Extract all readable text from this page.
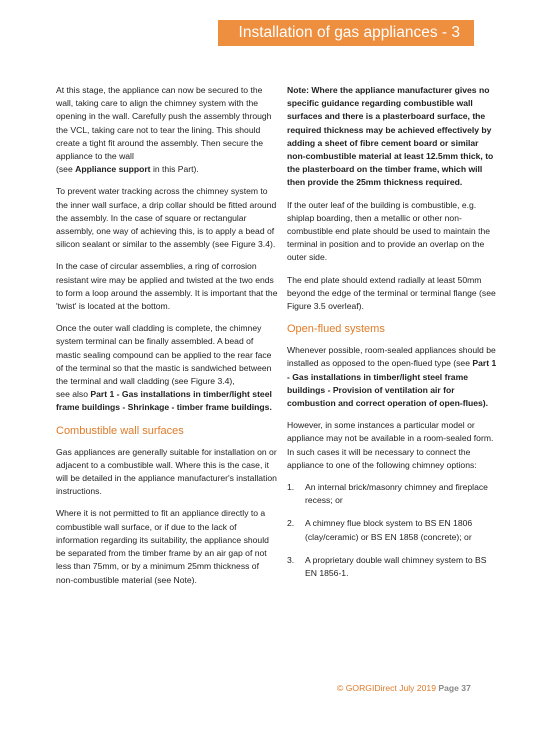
Installation of gas appliances - 3

At this stage, the appliance can now be secured to the wall, taking care to align the chimney system with the opening in the wall. Carefully push the assembly through the VCL, taking care not to tear the lining. This should create a tight fit around the assembly. Then secure the appliance to the wall
(see Appliance support in this Part).

To prevent water tracking across the chimney system to the inner wall surface, a drip collar should be fitted around the assembly. In the case of square or rectangular assembly, one way of achieving this, is to apply a bead of silicon sealant or similar to the assembly (see Figure 3.4).

In the case of circular assemblies, a ring of corrosion resistant wire may be applied and twisted at the two ends to form a loop around the assembly. It is important that the 'twist' is located at the bottom.

Once the outer wall cladding is complete, the chimney system terminal can be finally assembled. A bead of mastic sealing compound can be applied to the rear face of the terminal so that the mastic is sandwiched between the terminal and wall cladding (see Figure 3.4),
see also Part 1 - Gas installations in timber/light steel frame buildings - Shrinkage - timber frame buildings.

Combustible wall surfaces

Gas appliances are generally suitable for installation on or adjacent to a combustible wall. Where this is the case, it will be detailed in the appliance manufacturer's installation instructions.

Where it is not permitted to fit an appliance directly to a combustible wall surface, or if due to the lack of information regarding its suitability, the appliance should be separated from the timber frame by an air gap of not less than 75mm, or by a minimum 25mm thickness of non-combustible material (see Note).

Note: Where the appliance manufacturer gives no specific guidance regarding combustible wall surfaces and there is a plasterboard surface, the required thickness may be achieved effectively by adding a sheet of fibre cement board or similar non-combustible material at least 12.5mm thick, to the plasterboard on the timber frame, which will then provide the 25mm thickness required.

If the outer leaf of the building is combustible, e.g. shiplap boarding, then a metallic or other non-combustible end plate should be used to maintain the terminal in position and to provide an overlap on the outer side.

The end plate should extend radially at least 50mm beyond the edge of the terminal or terminal flange (see Figure 3.5 overleaf).

Open-flued systems

Whenever possible, room-sealed appliances should be installed as opposed to the open-flued type (see Part 1 - Gas installations in timber/light steel frame buildings - Provision of ventilation air for combustion and correct operation of open-flues).

However, in some instances a particular model or appliance may not be available in a room-sealed form. In such cases it will be necessary to connect the appliance to one of the following chimney options:

1.	An internal brick/masonry chimney and fireplace recess; or
2.	A chimney flue block system to BS EN 1806 (clay/ceramic) or BS EN 1858 (concrete); or
3.	A proprietary double wall chimney system to BS EN 1856-1.
© GORGIDirect July 2019 Page 37
